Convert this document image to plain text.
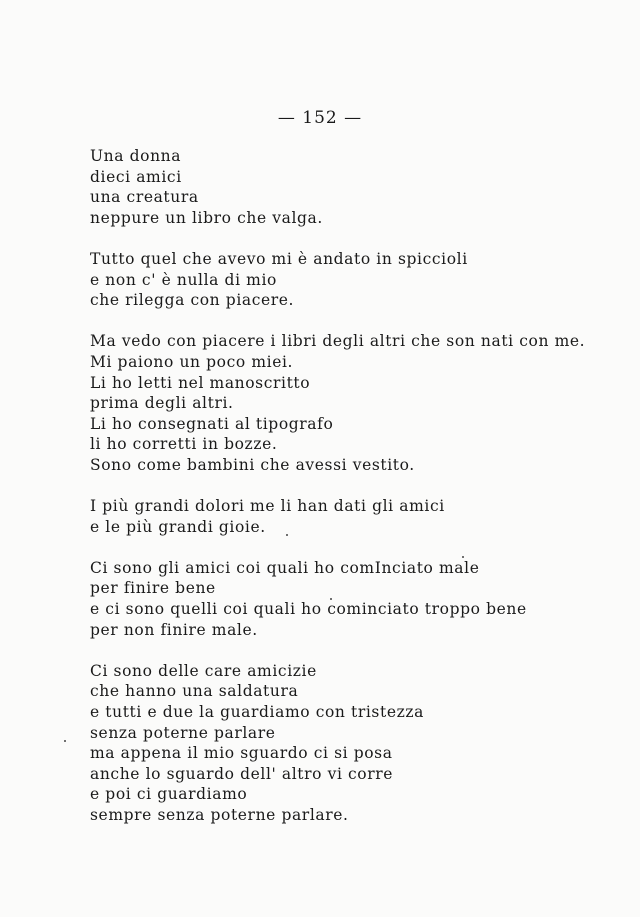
— 152 —
Una donna
dieci amici
una creatura
neppure un libro che valga.
Tutto quel che avevo mi è andato in spiccioli
e non c' è nulla di mio
che rilegga con piacere.
Ma vedo con piacere i libri degli altri che son nati con me.
Mi paiono un poco miei.
Li ho letti nel manoscritto
prima degli altri.
Li ho consegnati al tipografo
li ho corretti in bozze.
Sono come bambini che avessi vestito.
I più grandi dolori me li han dati gli amici
e le più grandi gioie.
Ci sono gli amici coi quali ho comInciato male
per finire bene
e ci sono quelli coi quali ho cominciato troppo bene
per non finire male.
Ci sono delle care amicizie
che hanno una saldatura
e tutti e due la guardiamo con tristezza
senza poterne parlare
ma appena il mio sguardo ci si posa
anche lo sguardo dell' altro vi corre
e poi ci guardiamo
sempre senza poterne parlare.
